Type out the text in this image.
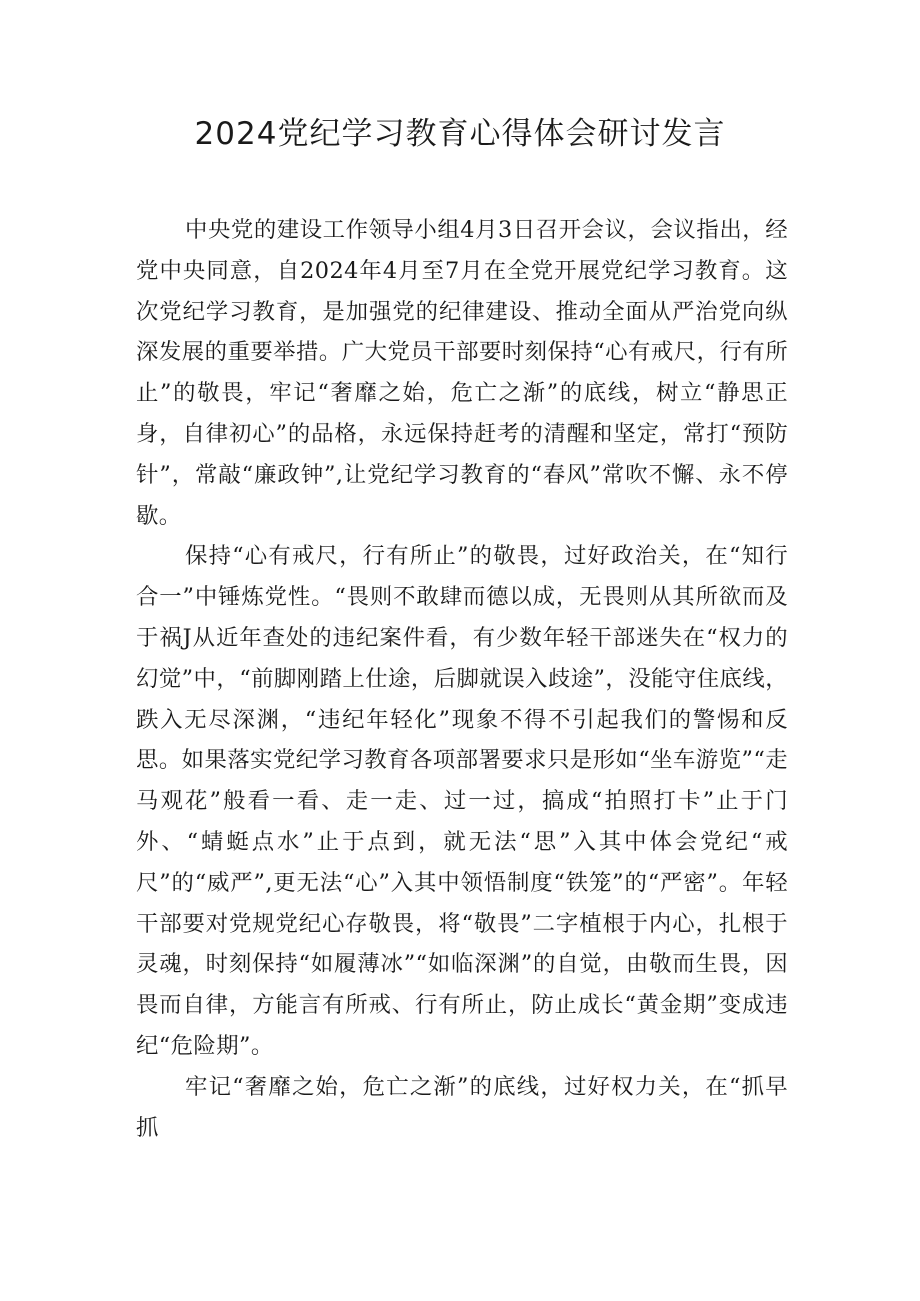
2024党纪学习教育心得体会研讨发言

中央党的建设工作领导小组4月3日召开会议，会议指出，经党中央同意，自2024年4月至7月在全党开展党纪学习教育。这次党纪学习教育，是加强党的纪律建设、推动全面从严治党向纵深发展的重要举措。广大党员干部要时刻保持“心有戒尺，行有所止”的敬畏，牢记“奢靡之始，危亡之渐”的底线，树立“静思正身，自律初心”的品格，永远保持赶考的清醒和坚定，常打“预防针”，常敲“廉政钟”,让党纪学习教育的“春风”常吹不懈、永不停歇。

保持“心有戒尺，行有所止”的敬畏，过好政治关，在“知行合一”中锤炼党性。“畏则不敢肆而德以成，无畏则从其所欲而及于祸J从近年查处的违纪案件看，有少数年轻干部迷失在“权力的幻觉”中，“前脚刚踏上仕途，后脚就误入歧途”，没能守住底线，跌入无尽深渊，“违纪年轻化”现象不得不引起我们的警惕和反思。如果落实党纪学习教育各项部署要求只是形如“坐车游览”“走马观花”般看一看、走一走、过一过，搞成“拍照打卡”止于门外、“蜻蜓点水”止于点到，就无法“思”入其中体会党纪“戒尺”的“威严”,更无法“心”入其中领悟制度“铁笼”的“严密”。年轻干部要对党规党纪心存敬畏，将“敬畏”二字植根于内心，扎根于灵魂，时刻保持“如履薄冰”“如临深渊”的自觉，由敬而生畏，因畏而自律，方能言有所戒、行有所止，防止成长“黄金期”变成违纪“危险期”。

牢记“奢靡之始，危亡之渐”的底线，过好权力关，在“抓早抓
